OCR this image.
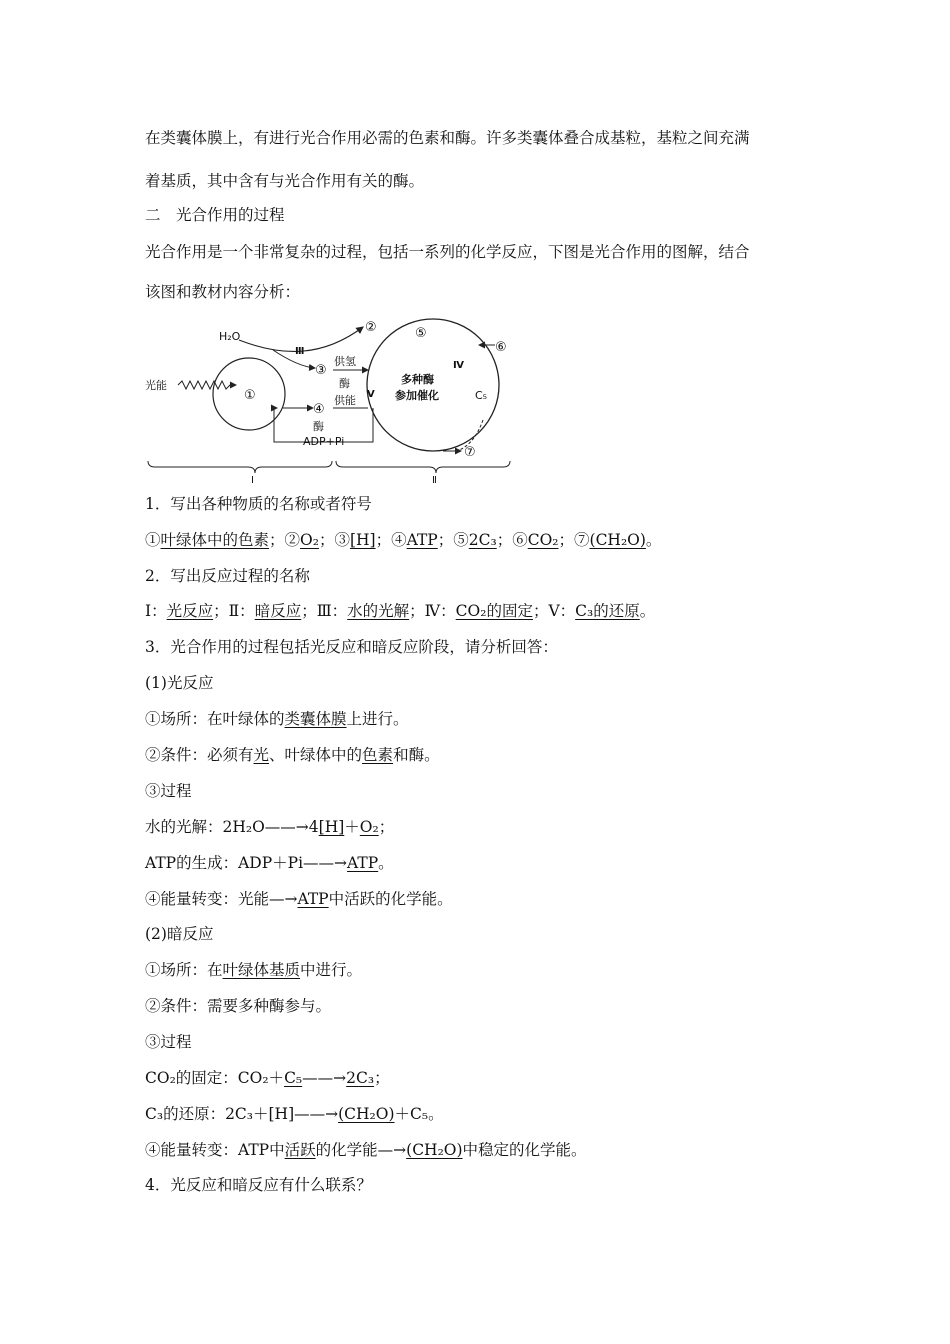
在类囊体膜上，有进行光合作用必需的色素和酶。许多类囊体叠合成基粒，基粒之间充满
着基质，其中含有与光合作用有关的酶。
二　光合作用的过程
光合作用是一个非常复杂的过程，包括一系列的化学反应，下图是光合作用的图解，结合
该图和教材内容分析：
H₂O
光能
①
②
③
④
⑤
⑥
⑦
Ⅲ
Ⅳ
Ⅴ
供氢
酶
供能
酶
ADP+Pi
多种酶
参加催化	C₅
Ⅰ	Ⅱ
1．写出各种物质的名称或者符号
①叶绿体中的色素；②O₂；③[H]；④ATP；⑤2C₃；⑥CO₂；⑦(CH₂O)。
2．写出反应过程的名称
Ⅰ：光反应；Ⅱ：暗反应；Ⅲ：水的光解；Ⅳ：CO₂的固定；Ⅴ：C₃的还原。
3．光合作用的过程包括光反应和暗反应阶段，请分析回答：
(1)光反应
①场所：在叶绿体的类囊体膜上进行。
②条件：必须有光、叶绿体中的色素和酶。
③过程
水的光解：2H₂O——→4[H]＋O₂；
ATP的生成：ADP＋Pi——→ATP。
④能量转变：光能—→ATP中活跃的化学能。
(2)暗反应
①场所：在叶绿体基质中进行。
②条件：需要多种酶参与。
③过程
CO₂的固定：CO₂＋C₅——→2C₃；
C₃的还原：2C₃＋[H]——→(CH₂O)＋C₅。
④能量转变：ATP中活跃的化学能—→(CH₂O)中稳定的化学能。
4．光反应和暗反应有什么联系？
